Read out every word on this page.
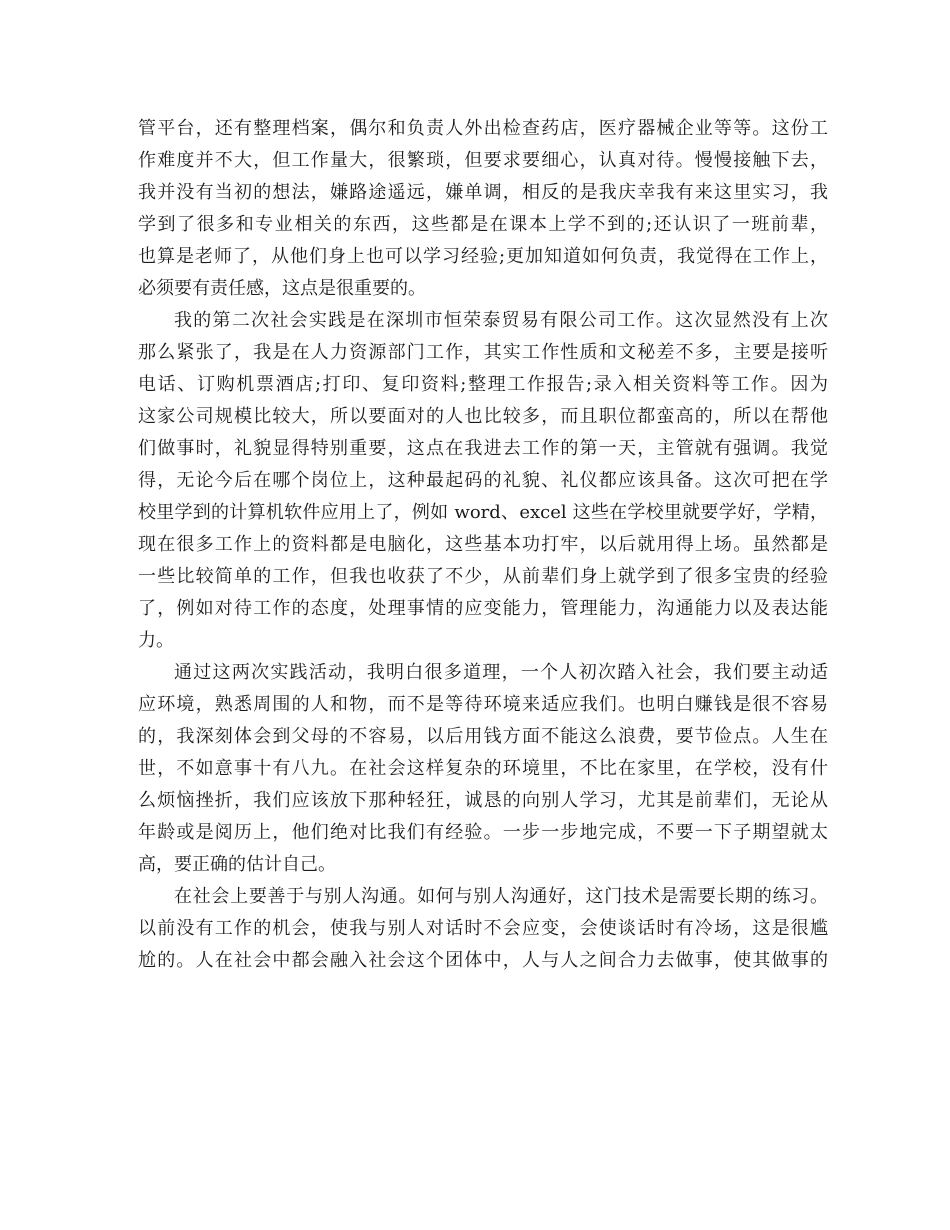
管平台，还有整理档案，偶尔和负责人外出检查药店，医疗器械企业等等。这份工
作难度并不大，但工作量大，很繁琐，但要求要细心，认真对待。慢慢接触下去，
我并没有当初的想法，嫌路途遥远，嫌单调，相反的是我庆幸我有来这里实习，我
学到了很多和专业相关的东西，这些都是在课本上学不到的;还认识了一班前辈，
也算是老师了，从他们身上也可以学习经验;更加知道如何负责，我觉得在工作上，
必须要有责任感，这点是很重要的。
我的第二次社会实践是在深圳市恒荣泰贸易有限公司工作。这次显然没有上次
那么紧张了，我是在人力资源部门工作，其实工作性质和文秘差不多，主要是接听
电话、订购机票酒店;打印、复印资料;整理工作报告;录入相关资料等工作。因为
这家公司规模比较大，所以要面对的人也比较多，而且职位都蛮高的，所以在帮他
们做事时，礼貌显得特别重要，这点在我进去工作的第一天，主管就有强调。我觉
得，无论今后在哪个岗位上，这种最起码的礼貌、礼仪都应该具备。这次可把在学
校里学到的计算机软件应用上了，例如 word、excel 这些在学校里就要学好，学精，
现在很多工作上的资料都是电脑化，这些基本功打牢，以后就用得上场。虽然都是
一些比较简单的工作，但我也收获了不少，从前辈们身上就学到了很多宝贵的经验
了，例如对待工作的态度，处理事情的应变能力，管理能力，沟通能力以及表达能
力。
通过这两次实践活动，我明白很多道理，一个人初次踏入社会，我们要主动适
应环境，熟悉周围的人和物，而不是等待环境来适应我们。也明白赚钱是很不容易
的，我深刻体会到父母的不容易，以后用钱方面不能这么浪费，要节俭点。人生在
世，不如意事十有八九。在社会这样复杂的环境里，不比在家里，在学校，没有什
么烦恼挫折，我们应该放下那种轻狂，诚恳的向别人学习，尤其是前辈们，无论从
年龄或是阅历上，他们绝对比我们有经验。一步一步地完成，不要一下子期望就太
高，要正确的估计自己。
在社会上要善于与别人沟通。如何与别人沟通好，这门技术是需要长期的练习。
以前没有工作的机会，使我与别人对话时不会应变，会使谈话时有冷场，这是很尴
尬的。人在社会中都会融入社会这个团体中，人与人之间合力去做事，使其做事的
